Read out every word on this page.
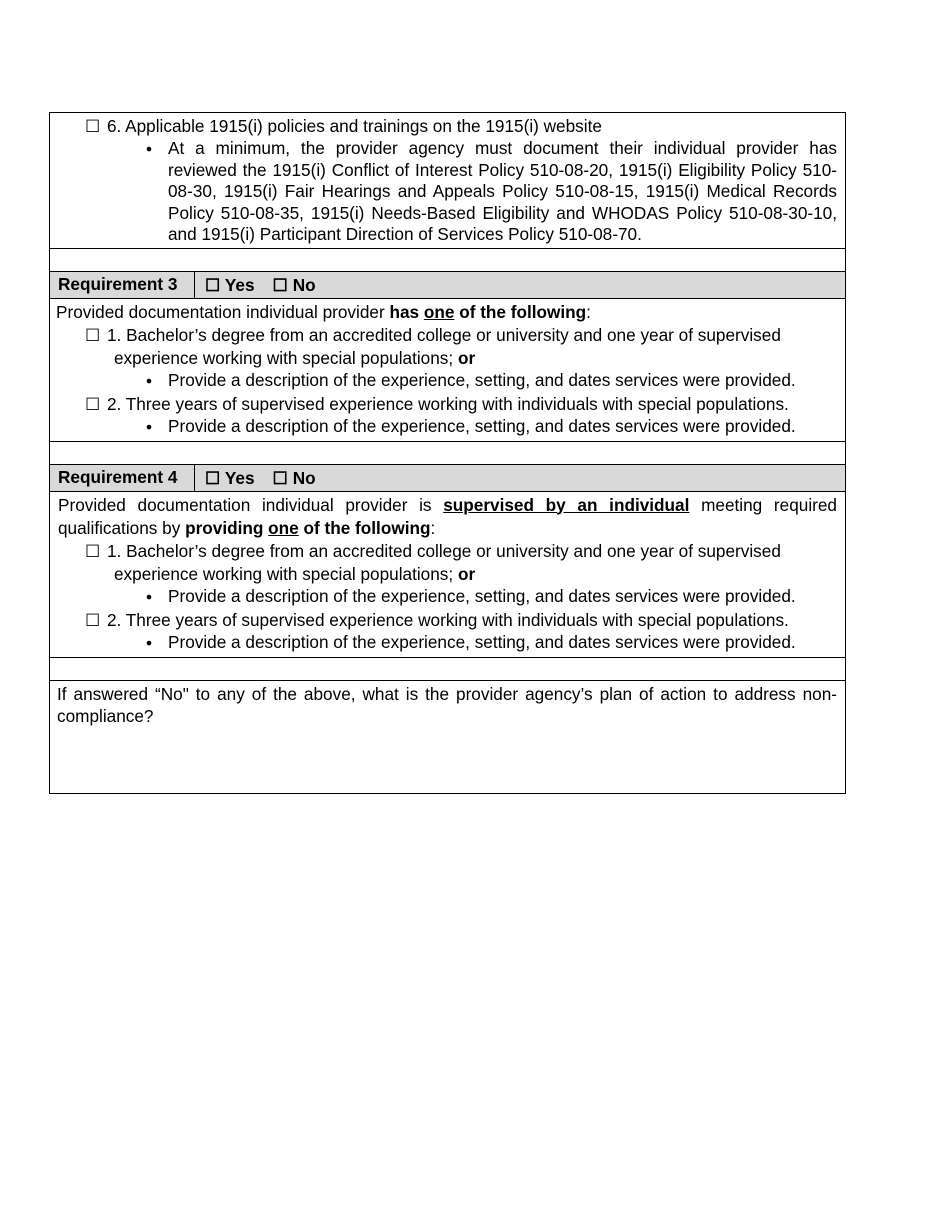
☐ 6. Applicable 1915(i) policies and trainings on the 1915(i) website
• At a minimum, the provider agency must document their individual provider has reviewed the 1915(i) Conflict of Interest Policy 510-08-20, 1915(i) Eligibility Policy 510-08-30, 1915(i) Fair Hearings and Appeals Policy 510-08-15, 1915(i) Medical Records Policy 510-08-35, 1915(i) Needs-Based Eligibility and WHODAS Policy 510-08-30-10, and 1915(i) Participant Direction of Services Policy 510-08-70.
Requirement 3	☐ Yes ☐ No
Provided documentation individual provider has one of the following:
☐ 1. Bachelor’s degree from an accredited college or university and one year of supervised
experience working with special populations; or
• Provide a description of the experience, setting, and dates services were provided.
☐ 2. Three years of supervised experience working with individuals with special populations.
• Provide a description of the experience, setting, and dates services were provided.
Requirement 4	☐ Yes ☐ No
Provided documentation individual provider is supervised by an individual meeting required qualifications by providing one of the following:
☐ 1. Bachelor’s degree from an accredited college or university and one year of supervised
experience working with special populations; or
• Provide a description of the experience, setting, and dates services were provided.
☐ 2. Three years of supervised experience working with individuals with special populations.
• Provide a description of the experience, setting, and dates services were provided.
If answered “No" to any of the above, what is the provider agency’s plan of action to address non-compliance?
